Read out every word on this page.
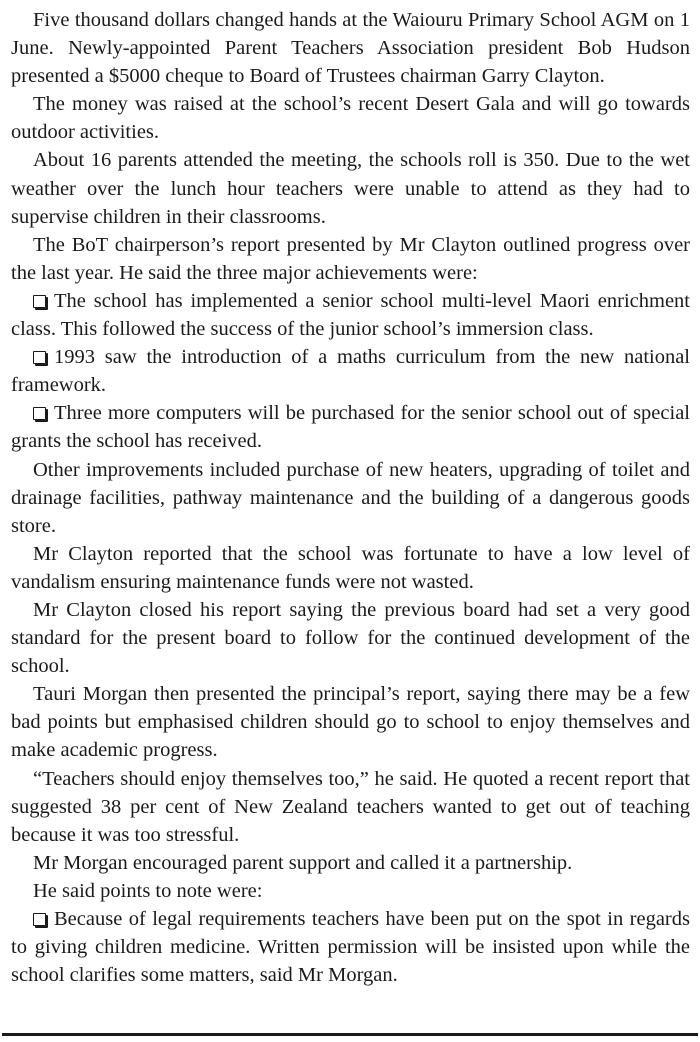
Five thousand dollars changed hands at the Waiouru Primary School AGM on 1 June. Newly-appointed Parent Teachers Association president Bob Hudson presented a $5000 cheque to Board of Trustees chairman Garry Clayton.

The money was raised at the school’s recent Desert Gala and will go towards outdoor activities.

About 16 parents attended the meeting, the schools roll is 350. Due to the wet weather over the lunch hour teachers were unable to attend as they had to supervise children in their classrooms.

The BoT chairperson’s report presented by Mr Clayton outlined progress over the last year. He said the three major achievements were:

The school has implemented a senior school multi-level Maori enrichment class. This followed the success of the junior school’s immersion class.

1993 saw the introduction of a maths curriculum from the new national framework.

Three more computers will be purchased for the senior school out of special grants the school has received.

Other improvements included purchase of new heaters, upgrading of toilet and drainage facilities, pathway maintenance and the building of a dangerous goods store.

Mr Clayton reported that the school was fortunate to have a low level of vandalism ensuring maintenance funds were not wasted.

Mr Clayton closed his report saying the previous board had set a very good standard for the present board to follow for the continued development of the school.

Tauri Morgan then presented the principal’s report, saying there may be a few bad points but emphasised children should go to school to enjoy themselves and make academic progress.

“Teachers should enjoy themselves too,” he said. He quoted a recent report that suggested 38 per cent of New Zealand teachers wanted to get out of teaching because it was too stressful.

Mr Morgan encouraged parent support and called it a partnership.

He said points to note were:

Because of legal requirements teachers have been put on the spot in regards to giving children medicine. Written permission will be insisted upon while the school clarifies some matters, said Mr Morgan.
